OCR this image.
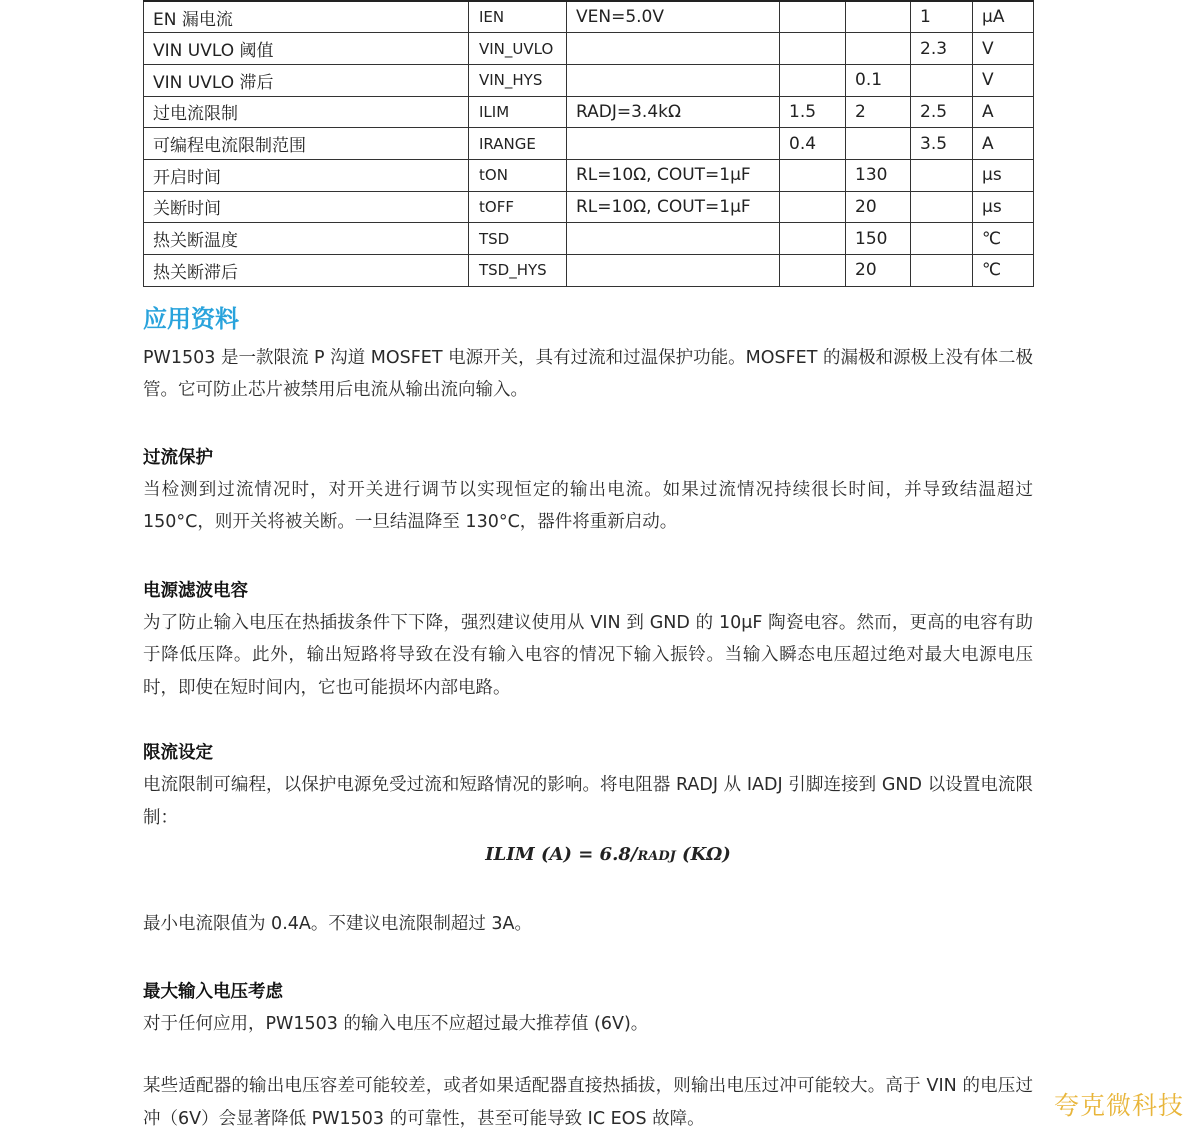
EN 漏电流	IEN	VEN=5.0V			1	μA
VIN UVLO 阈值	VIN_UVLO				2.3	V
VIN UVLO 滞后	VIN_HYS			0.1		V
过电流限制	ILIM	RADJ=3.4kΩ	1.5	2	2.5	A
可编程电流限制范围	IRANGE		0.4		3.5	A
开启时间	tON	RL=10Ω, COUT=1μF		130		μs
关断时间	tOFF	RL=10Ω, COUT=1μF		20		μs
热关断温度	TSD			150		℃
热关断滞后	TSD_HYS			20		℃
应用资料

PW1503 是一款限流 P 沟道 MOSFET 电源开关，具有过流和过温保护功能。MOSFET 的漏极和源极上没有体二极管。它可防止芯片被禁用后电流从输出流向输入。

过流保护

当检测到过流情况时，对开关进行调节以实现恒定的输出电流。如果过流情况持续很长时间，并导致结温超过 150°C，则开关将被关断。一旦结温降至 130°C，器件将重新启动。

电源滤波电容

为了防止输入电压在热插拔条件下下降，强烈建议使用从 VIN 到 GND 的 10μF 陶瓷电容。然而，更高的电容有助于降低压降。此外，输出短路将导致在没有输入电容的情况下输入振铃。当输入瞬态电压超过绝对最大电源电压时，即使在短时间内，它也可能损坏内部电路。

限流设定

电流限制可编程，以保护电源免受过流和短路情况的影响。将电阻器 RADJ 从 IADJ 引脚连接到 GND 以设置电流限制：

ILIM (A) = 6.8/RADJ (KΩ)

最小电流限值为 0.4A。不建议电流限制超过 3A。

最大输入电压考虑

对于任何应用，PW1503 的输入电压不应超过最大推荐值 (6V)。

某些适配器的输出电压容差可能较差，或者如果适配器直接热插拔，则输出电压过冲可能较大。高于 VIN 的电压过冲（6V）会显著降低 PW1503 的可靠性，甚至可能导致 IC EOS 故障。	夸克微科技
